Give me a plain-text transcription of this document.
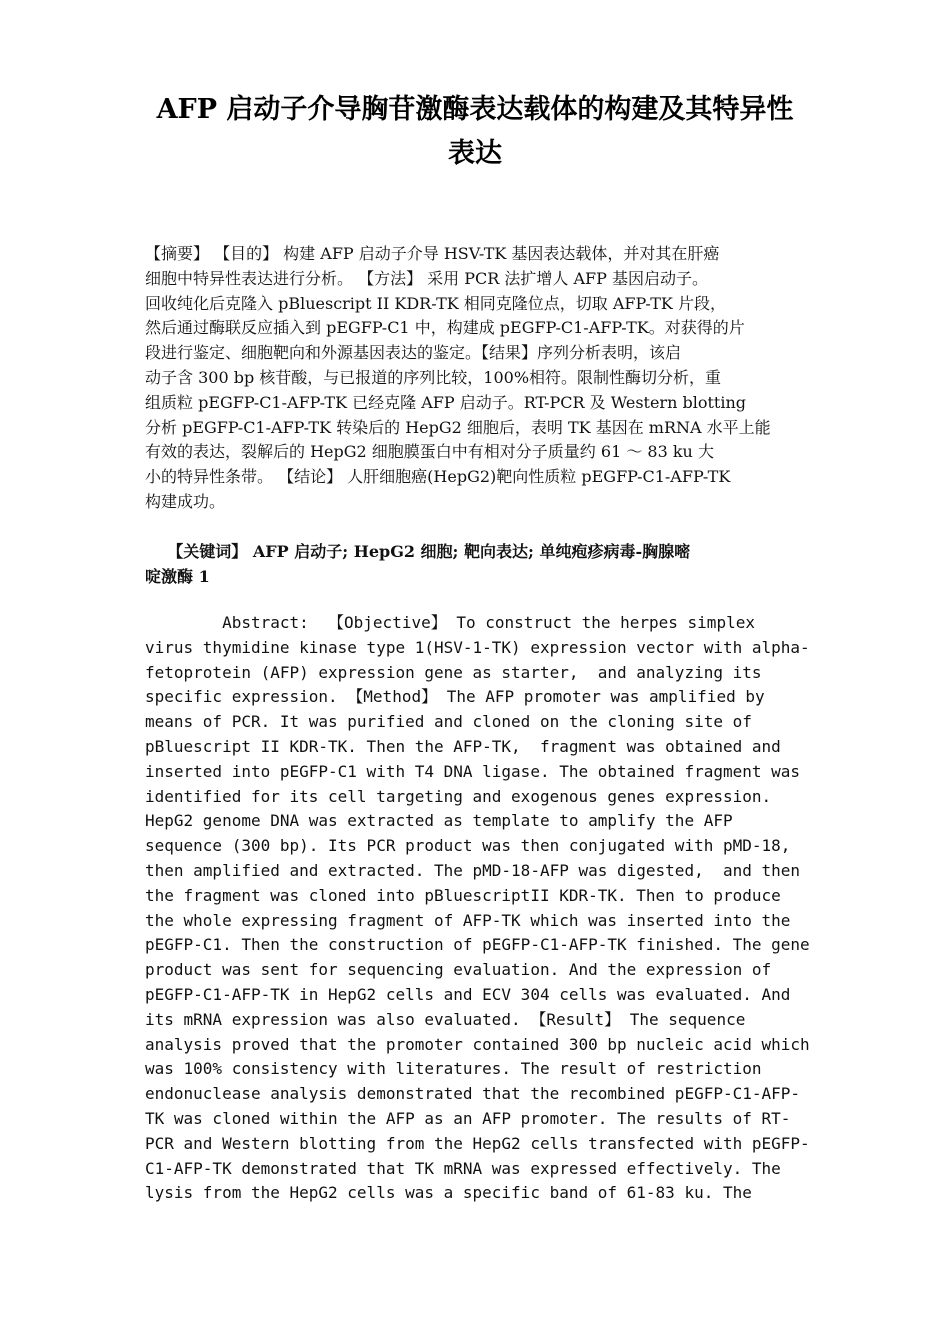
AFP 启动子介导胸苷激酶表达载体的构建及其特异性
表达
【摘要】 【目的】 构建 AFP 启动子介导 HSV-TK 基因表达载体，并对其在肝癌
细胞中特异性表达进行分析。 【方法】 采用 PCR 法扩增人 AFP 基因启动子。
回收纯化后克隆入 pBluescript II KDR-TK 相同克隆位点，切取 AFP-TK 片段，
然后通过酶联反应插入到 pEGFP-C1 中，构建成 pEGFP-C1-AFP-TK。对获得的片
段进行鉴定、细胞靶向和外源基因表达的鉴定。【结果】序列分析表明，该启
动子含 300 bp 核苷酸，与已报道的序列比较，100%相符。限制性酶切分析，重
组质粒 pEGFP-C1-AFP-TK 已经克隆 AFP 启动子。RT-PCR 及 Western blotting
分析 pEGFP-C1-AFP-TK 转染后的 HepG2 细胞后，表明 TK 基因在 mRNA 水平上能
有效的表达，裂解后的 HepG2 细胞膜蛋白中有相对分子质量约 61 ～ 83 ku 大
小的特异性条带。 【结论】 人肝细胞癌(HepG2)靶向性质粒 pEGFP-C1-AFP-TK
构建成功。
【关键词】 AFP 启动子; HepG2 细胞; 靶向表达; 单纯疱疹病毒-胸腺嘧
啶激酶 1
Abstract:  【Objective】 To construct the herpes simplex
virus thymidine kinase type 1(HSV-1-TK) expression vector with alpha-
fetoprotein (AFP) expression gene as starter,  and analyzing its
specific expression. 【Method】 The AFP promoter was amplified by
means of PCR. It was purified and cloned on the cloning site of
pBluescript II KDR-TK. Then the AFP-TK,  fragment was obtained and
inserted into pEGFP-C1 with T4 DNA ligase. The obtained fragment was
identified for its cell targeting and exogenous genes expression.
HepG2 genome DNA was extracted as template to amplify the AFP
sequence (300 bp). Its PCR product was then conjugated with pMD-18,
then amplified and extracted. The pMD-18-AFP was digested,  and then
the fragment was cloned into pBluescriptII KDR-TK. Then to produce
the whole expressing fragment of AFP-TK which was inserted into the
pEGFP-C1. Then the construction of pEGFP-C1-AFP-TK finished. The gene
product was sent for sequencing evaluation. And the expression of
pEGFP-C1-AFP-TK in HepG2 cells and ECV 304 cells was evaluated. And
its mRNA expression was also evaluated. 【Result】 The sequence
analysis proved that the promoter contained 300 bp nucleic acid which
was 100% consistency with literatures. The result of restriction
endonuclease analysis demonstrated that the recombined pEGFP-C1-AFP-
TK was cloned within the AFP as an AFP promoter. The results of RT-
PCR and Western blotting from the HepG2 cells transfected with pEGFP-
C1-AFP-TK demonstrated that TK mRNA was expressed effectively. The
lysis from the HepG2 cells was a specific band of 61-83 ku. The
